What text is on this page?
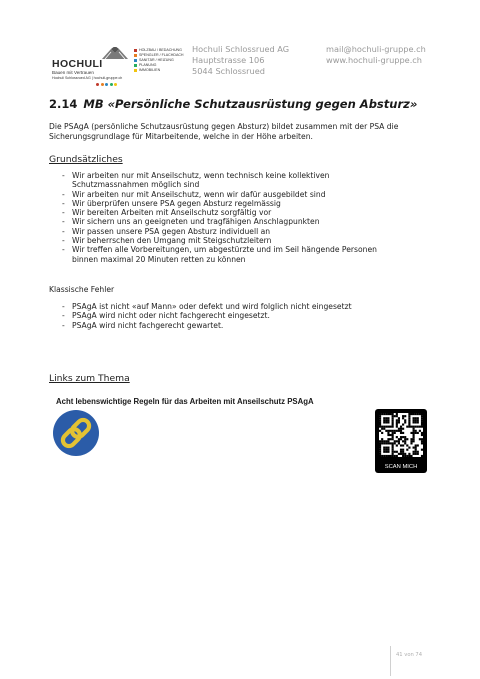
HOCHULI
Bauen mit Vertrauen
Hochuli Schlossrued AG | hochuli-gruppe.ch
HOLZBAU / BEDACHUNG
SPENGLER / FLACHDACH
SANITÄR / HEIZUNG
PLANUNG
IMMOBILIEN
Hochuli Schlossrued AG
Hauptstrasse 106
5044 Schlossrued
mail@hochuli-gruppe.ch
www.hochuli-gruppe.ch
2.14 MB «Persönliche Schutzausrüstung gegen Absturz»

Die PSAgA (persönliche Schutzausrüstung gegen Absturz) bildet zusammen mit der PSA die Sicherungsgrundlage für Mitarbeitende, welche in der Höhe arbeiten.

Grundsätzliches
- Wir arbeiten nur mit Anseilschutz, wenn technisch keine kollektiven Schutzmassnahmen möglich sind
- Wir arbeiten nur mit Anseilschutz, wenn wir dafür ausgebildet sind
- Wir überprüfen unsere PSA gegen Absturz regelmässig
- Wir bereiten Arbeiten mit Anseilschutz sorgfältig vor
- Wir sichern uns an geeigneten und tragfähigen Anschlagpunkten
- Wir passen unsere PSA gegen Absturz individuell an
- Wir beherrschen den Umgang mit Steigschutzleitern
- Wir treffen alle Vorbereitungen, um abgestürzte und im Seil hängende Personen binnen maximal 20 Minuten retten zu können

Klassische Fehler

- PSAgA ist nicht «auf Mann» oder defekt und wird folglich nicht eingesetzt
- PSAgA wird nicht oder nicht fachgerecht eingesetzt.
- PSAgA wird nicht fachgerecht gewartet.
Links zum Thema

Acht lebenswichtige Regeln für das Arbeiten mit Anseilschutz PSAgA

SCAN MICH
41 von 74
